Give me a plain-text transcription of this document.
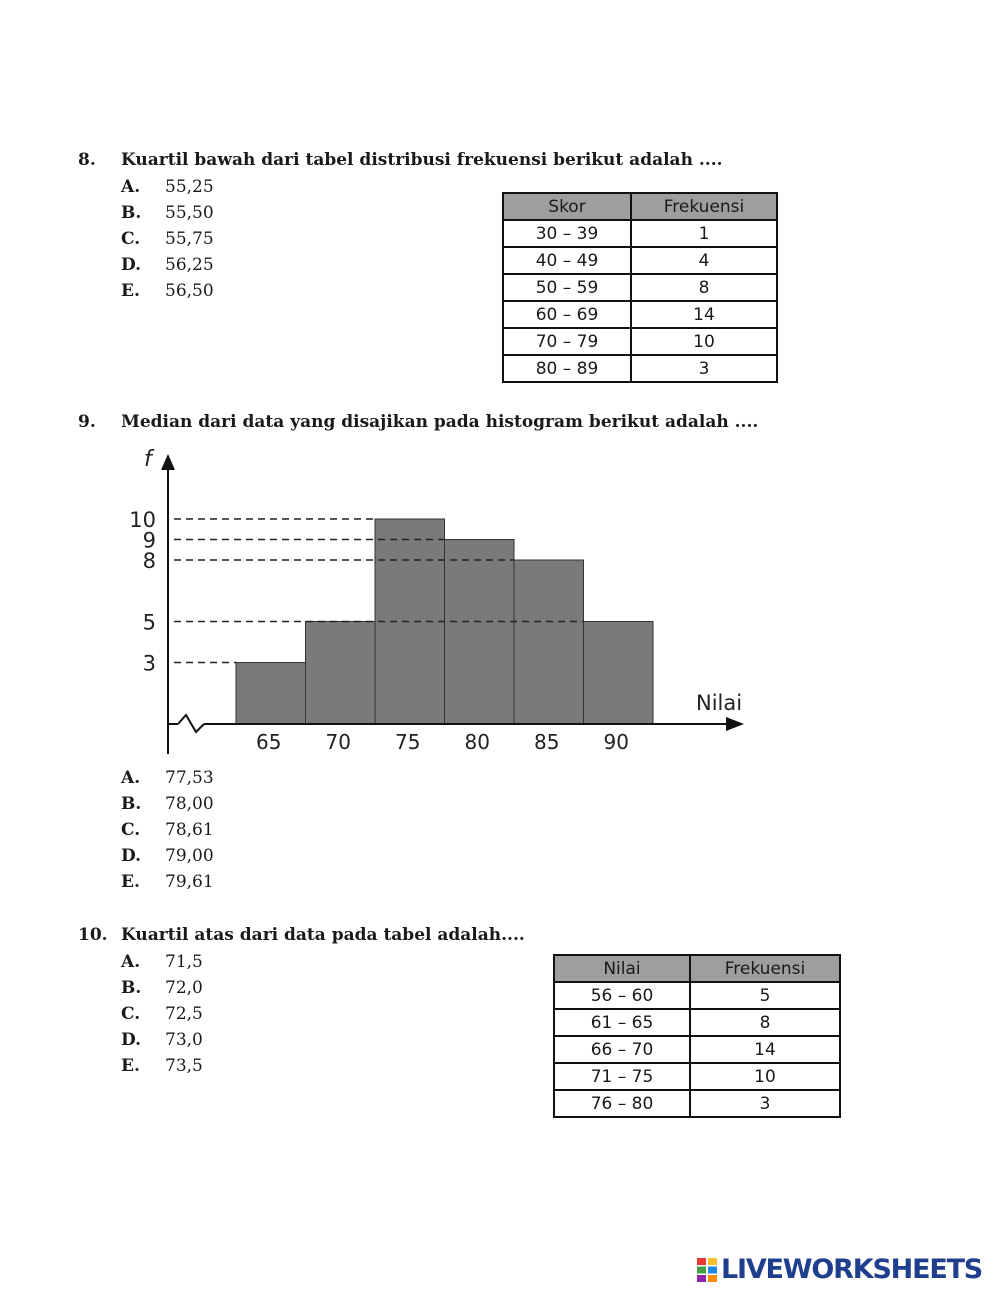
8. Kuartil bawah dari tabel distribusi frekuensi berikut adalah ....
A. 55,25
B. 55,50
C. 55,75
D. 56,25
E. 56,50
Skor	Frekuensi
30 – 39	1
40 – 49	4
50 – 59	8
60 – 69	14
70 – 79	10
80 – 89	3
9. Median dari data yang disajikan pada histogram berikut adalah ....
f
Nilai
65 70 75 80 85 90
3
5
8
9
10
A. 77,53
B. 78,00
C. 78,61
D. 79,00
E. 79,61
10. Kuartil atas dari data pada tabel adalah....
A. 71,5
B. 72,0
C. 72,5
D. 73,0
E. 73,5
Nilai	Frekuensi
56 – 60	5
61 – 65	8
66 – 70	14
71 – 75	10
76 – 80	3
LIVEWORKSHEETS
